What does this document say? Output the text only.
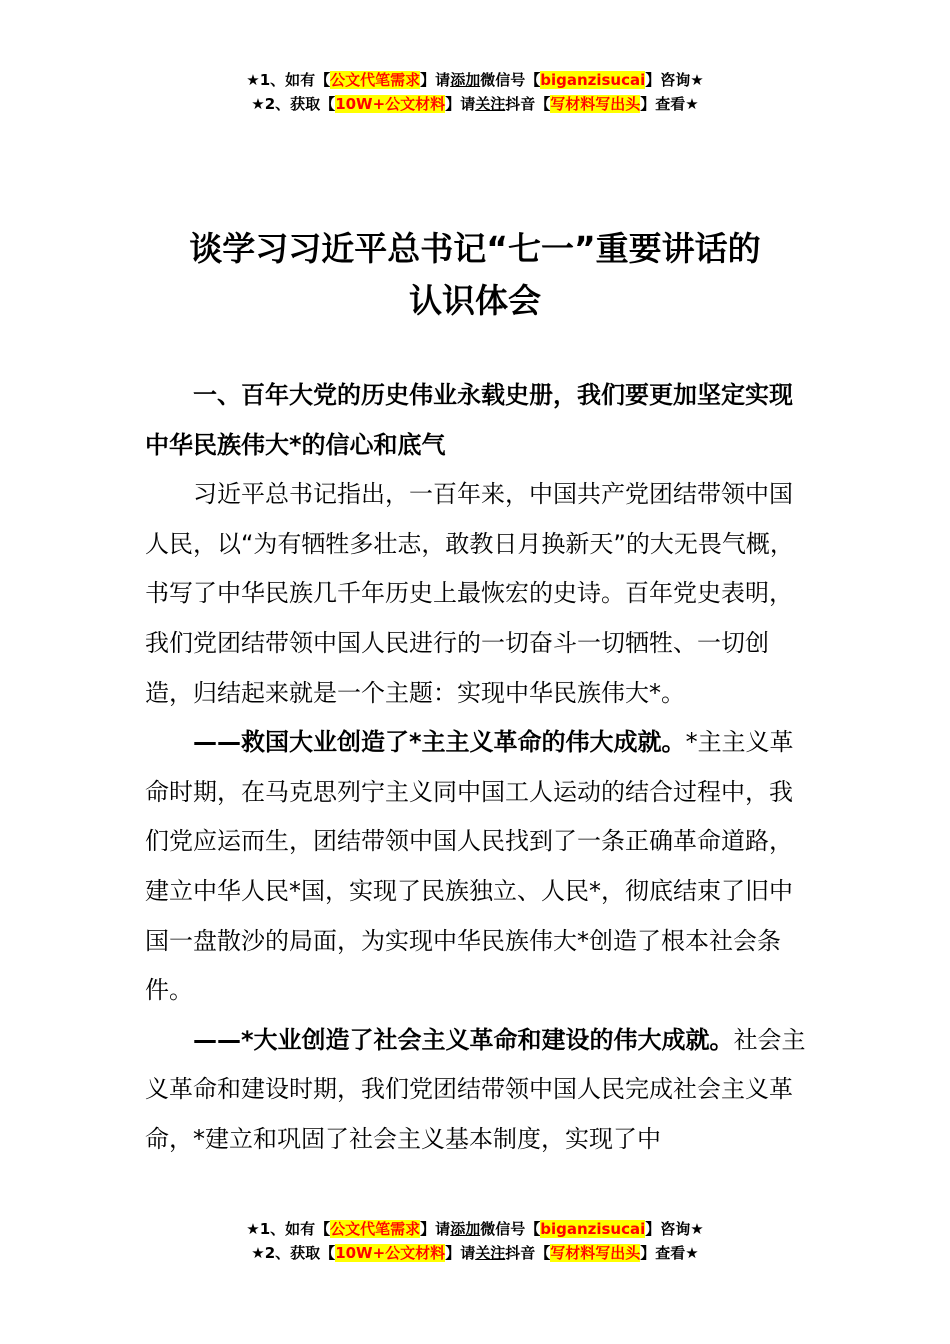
★1、如有【公文代笔需求】请添加微信号【biganzisucai】咨询★
★2、获取【10W+公文材料】请关注抖音【写材料写出头】查看★
谈学习习近平总书记“七一”重要讲话的
认识体会

一、百年大党的历史伟业永载史册，我们要更加坚定实现中华民族伟大*的信心和底气

习近平总书记指出，一百年来，中国共产党团结带领中国人民，以“为有牺牲多壮志，敢教日月换新天”的大无畏气概，书写了中华民族几千年历史上最恢宏的史诗。百年党史表明，我们党团结带领中国人民进行的一切奋斗一切牺牲、一切创造，归结起来就是一个主题：实现中华民族伟大*。

——救国大业创造了*主主义革命的伟大成就。*主主义革命时期，在马克思列宁主义同中国工人运动的结合过程中，我们党应运而生，团结带领中国人民找到了一条正确革命道路，建立中华人民*国，实现了民族独立、人民*，彻底结束了旧中国一盘散沙的局面，为实现中华民族伟大*创造了根本社会条件。

——*大业创造了社会主义革命和建设的伟大成就。社会主义革命和建设时期，我们党团结带领中国人民完成社会主义革命，*建立和巩固了社会主义基本制度，实现了中

★1、如有【公文代笔需求】请添加微信号【biganzisucai】咨询★
★2、获取【10W+公文材料】请关注抖音【写材料写出头】查看★
